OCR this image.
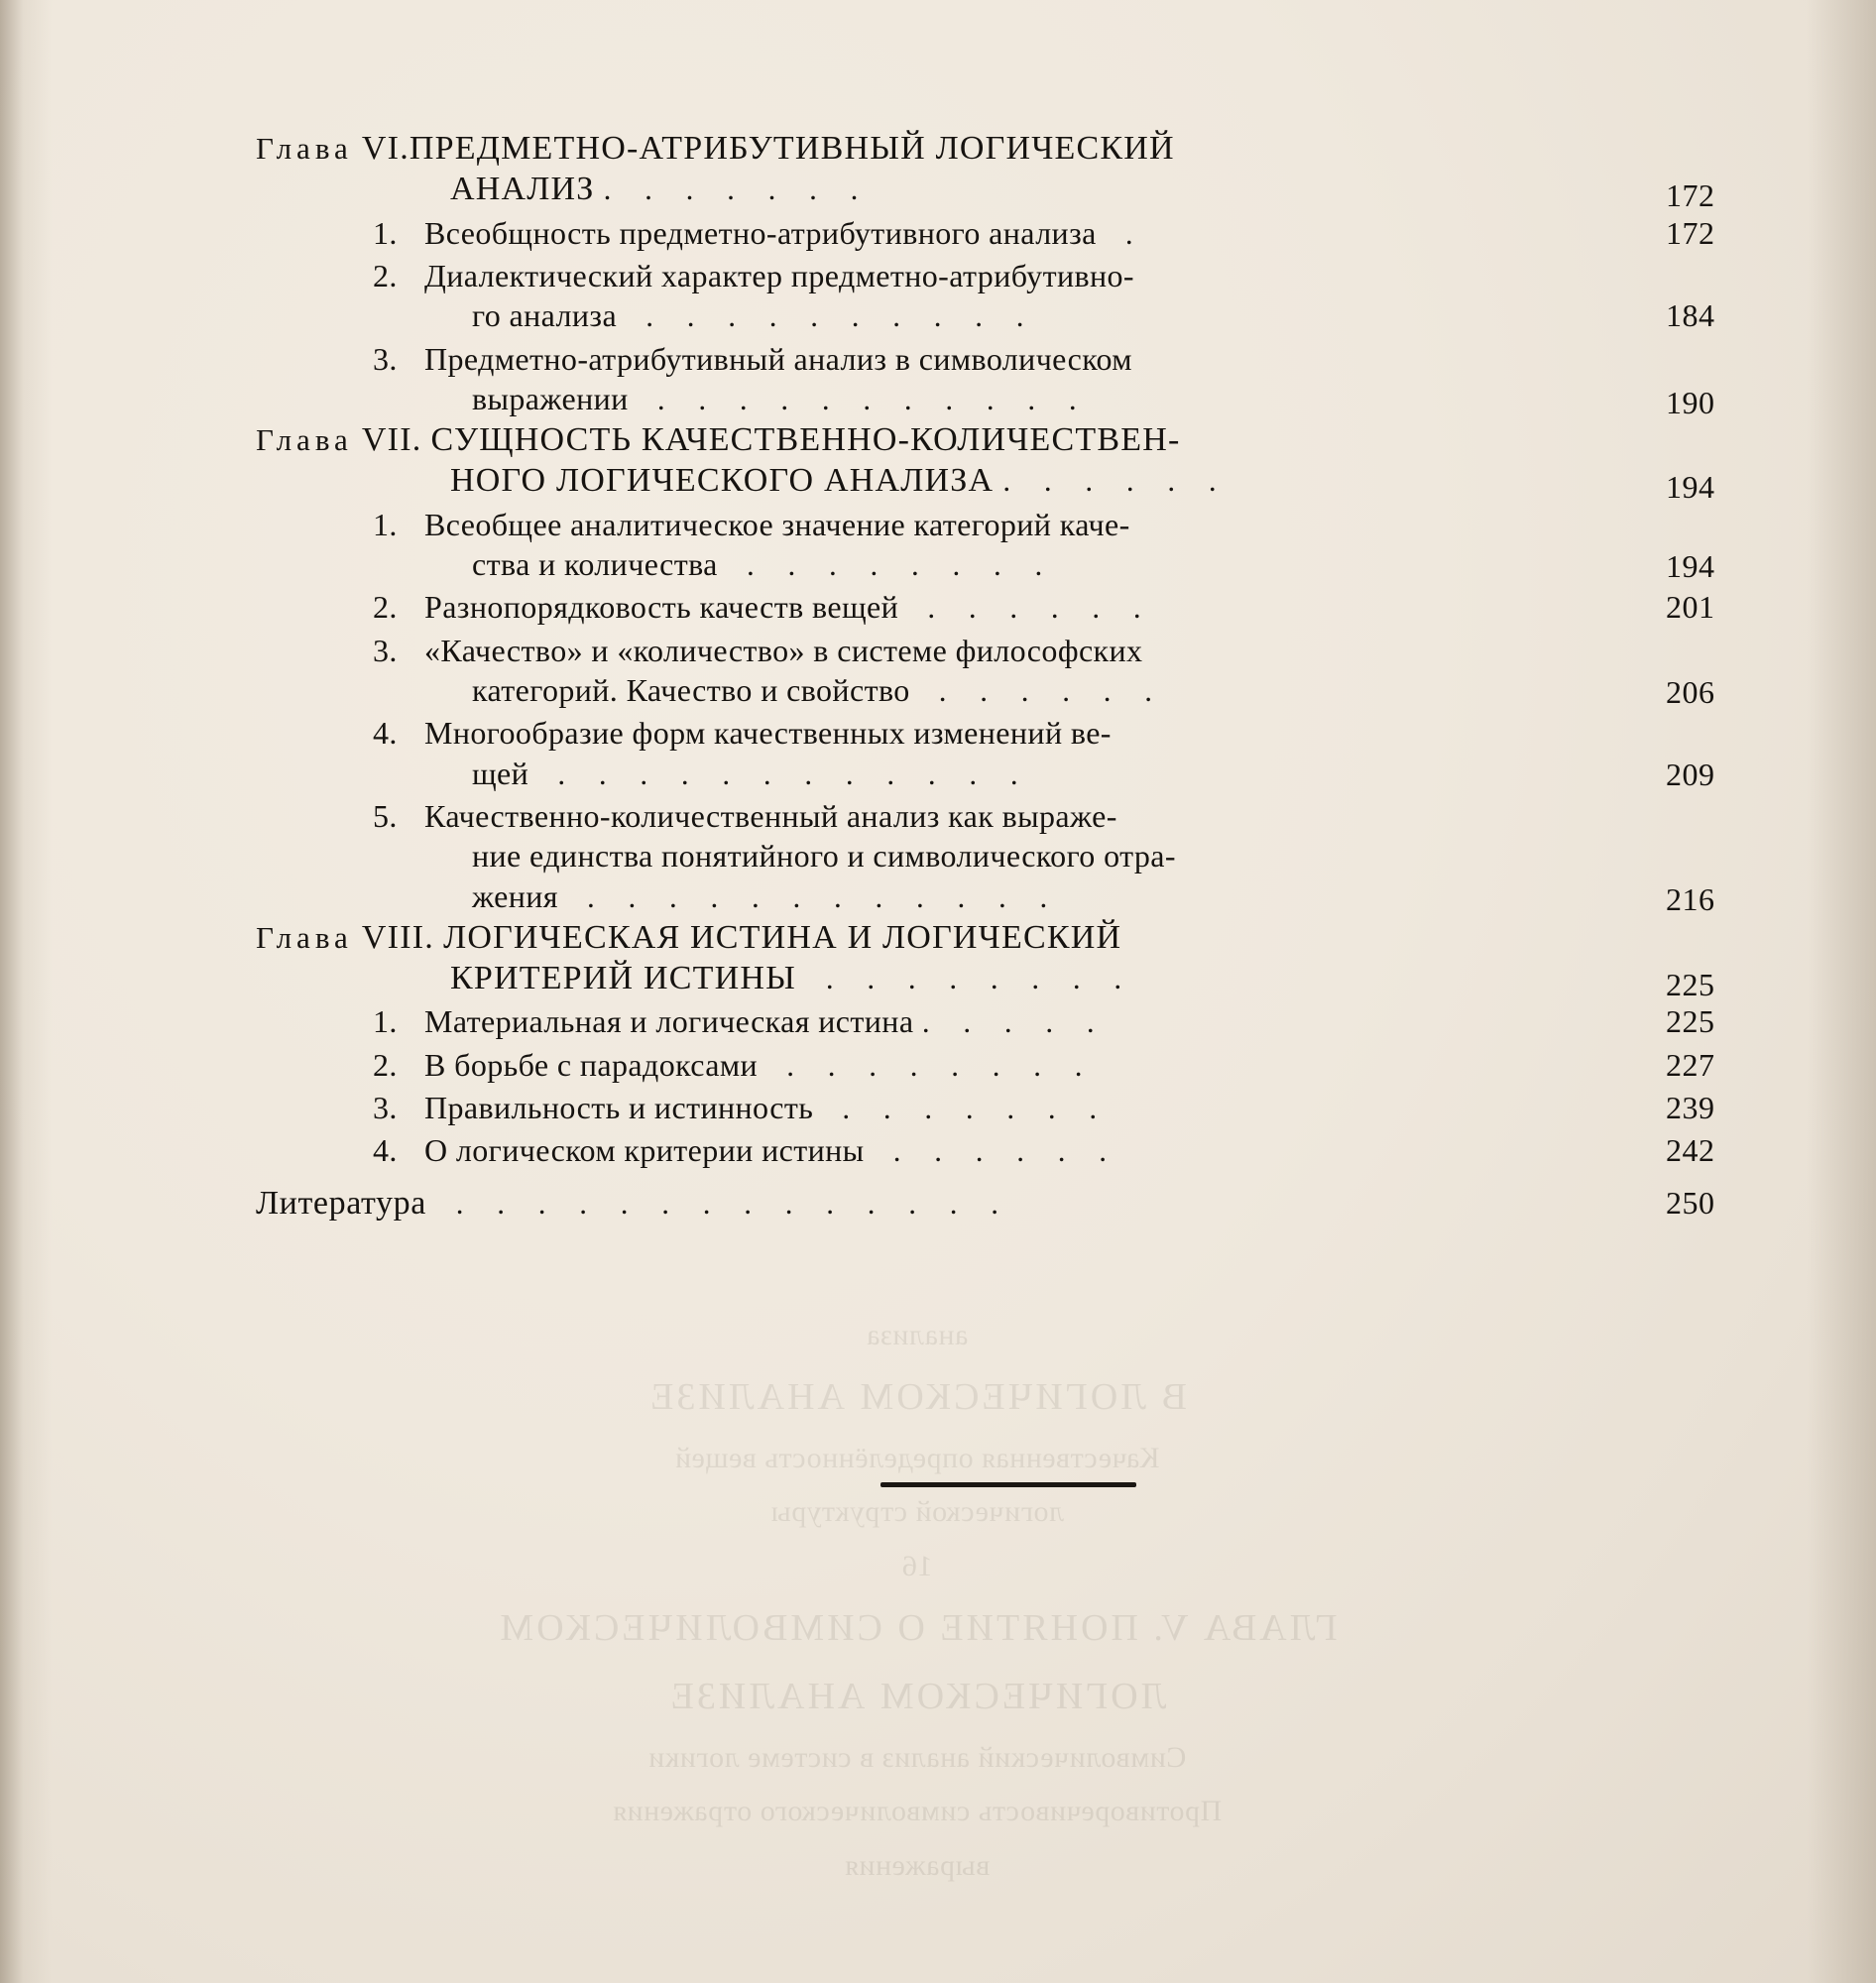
анализа
В ЛОГИЧЕСКОМ АНАЛИЗЕ
Качественная определённость вещей
логической структуры
16
ГЛАВА V. ПОНЯТИЕ О СИМВОЛИЧЕСКОМ
ЛОГИЧЕСКОМ АНАЛИЗЕ
Символический анализ в системе логики
Противоречивость символического отражения
выражения
Глава VI.ПРЕДМЕТНО-АТРИБУТИВНЫЙ ЛОГИЧЕСКИЙ
АНАЛИЗ . . . . . . .	172
1. Всеобщность предметно-атрибутивного анализа  .	172
2. Диалектический характер предметно-атрибутивно-
го анализа  . . . . . . . . . .	184
3. Предметно-атрибутивный анализ в символическом
выражении  . . . . . . . . . . .	190
Глава VII. СУЩНОСТЬ КАЧЕСТВЕННО-КОЛИЧЕСТВЕН-
НОГО ЛОГИЧЕСКОГО АНАЛИЗА . . . . . .	194
1. Всеобщее аналитическое значение категорий каче-
ства и количества  . . . . . . . .	194
2. Разнопорядковость качеств вещей  . . . . . .	201
3. «Качество» и «количество» в системе философских
категорий. Качество и свойство  . . . . . .	206
4. Многообразие форм качественных изменений ве-
щей  . . . . . . . . . . . .	209
5. Качественно-количественный анализ как выраже-
ние единства понятийного и символического отра-
жения  . . . . . . . . . . . .	216
Глава VIII. ЛОГИЧЕСКАЯ ИСТИНА И ЛОГИЧЕСКИЙ
КРИТЕРИЙ ИСТИНЫ  . . . . . . . .	225
1. Материальная и логическая истина . . . . .	225
2. В борьбе с парадоксами  . . . . . . . .	227
3. Правильность и истинность  . . . . . . .	239
4. О логическом критерии истины  . . . . . .	242
Литература  . . . . . . . . . . . . . .	250
